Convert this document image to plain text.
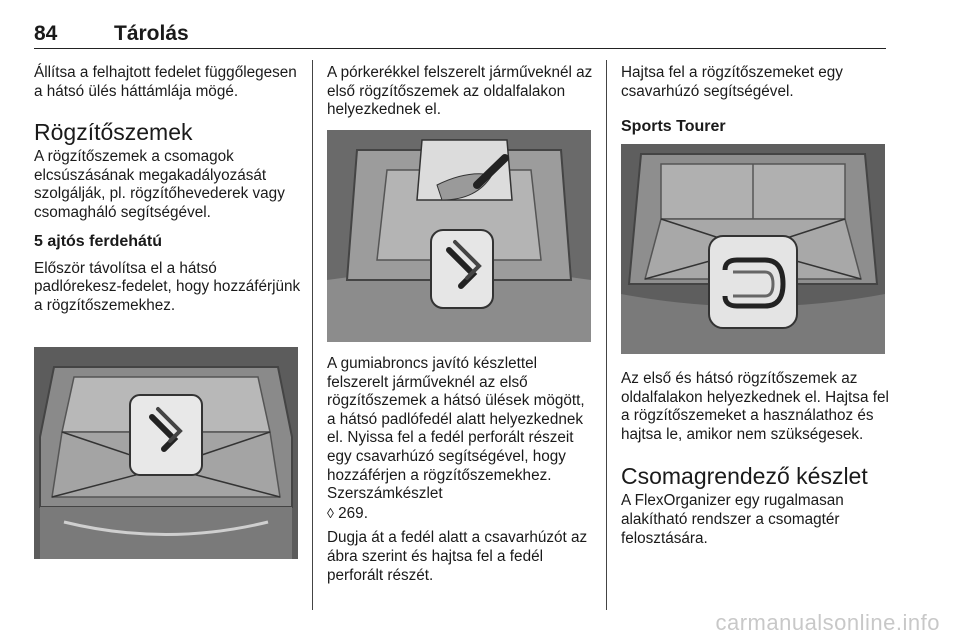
84	Tárolás

Állítsa a felhajtott fedelet függőlegesen a hátsó ülés háttámlája mögé.

Rögzítőszemek

A rögzítőszemek a csomagok elcsúszásának megakadályozását szolgálják, pl. rögzítőhevederek vagy csomagháló segítségével.

5 ajtós ferdehátú

Először távolítsa el a hátsó padlórekesz-fedelet, hogy hozzáférjünk a rögzítőszemekhez.

A pórkerékkel felszerelt járműveknél az első rögzítőszemek az oldalfalakon helyezkednek el.

A gumiabroncs javító készlettel felszerelt járműveknél az első rögzítőszemek a hátsó ülések mögött, a hátsó padlófedél alatt helyezkednek el. Nyissa fel a fedél perforált részeit egy csavarhúzó segítségével, hogy hozzáférjen a rögzítőszemekhez. Szerszámkészlet
◊ 269.

Dugja át a fedél alatt a csavarhúzót az ábra szerint és hajtsa fel a fedél perforált részét.

Hajtsa fel a rögzítőszemeket egy csavarhúzó segítségével.

Sports Tourer

Az első és hátsó rögzítőszemek az oldalfalakon helyezkednek el. Hajtsa fel a rögzítőszemeket a használathoz és hajtsa le, amikor nem szükségesek.

Csomagrendező készlet

A FlexOrganizer egy rugalmasan alakítható rendszer a csomagtér felosztására.

carmanualsonline.info
